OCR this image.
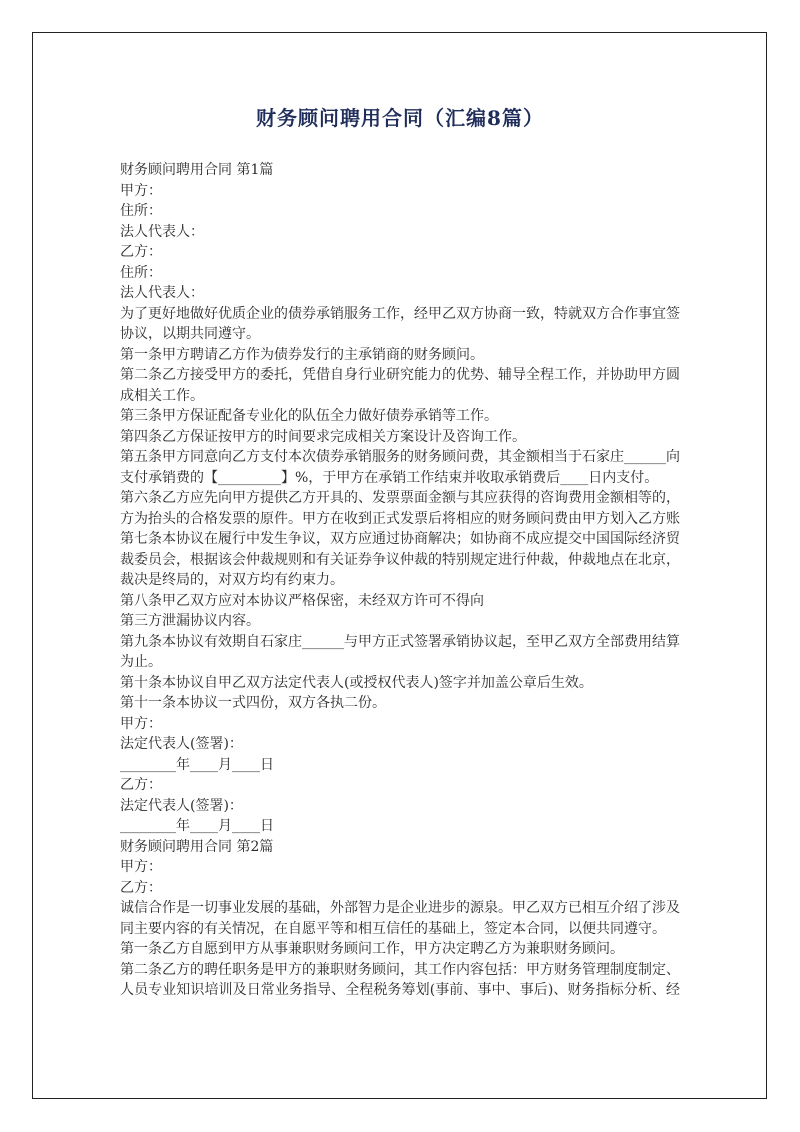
财务顾问聘用合同（汇编8篇）
财务顾问聘用合同 第1篇
甲方：
住所：
法人代表人：
乙方：
住所：
法人代表人：
为了更好地做好优质企业的债券承销服务工作，经甲乙双方协商一致，特就双方合作事宜签
协议，以期共同遵守。
第一条甲方聘请乙方作为债券发行的主承销商的财务顾问。
第二条乙方接受甲方的委托，凭借自身行业研究能力的优势、辅导全程工作，并协助甲方圆
成相关工作。
第三条甲方保证配备专业化的队伍全力做好债券承销等工作。
第四条乙方保证按甲方的时间要求完成相关方案设计及咨询工作。
第五条甲方同意向乙方支付本次债券承销服务的财务顾问费，其金额相当于石家庄______向
支付承销费的【_________】%，于甲方在承销工作结束并收取承销费后____日内支付。
第六条乙方应先向甲方提供乙方开具的、发票票面金额与其应获得的咨询费用金额相等的，
方为抬头的合格发票的原件。甲方在收到正式发票后将相应的财务顾问费由甲方划入乙方账
第七条本协议在履行中发生争议，双方应通过协商解决；如协商不成应提交中国国际经济贸
裁委员会，根据该会仲裁规则和有关证券争议仲裁的特别规定进行仲裁，仲裁地点在北京，
裁决是终局的，对双方均有约束力。
第八条甲乙双方应对本协议严格保密，未经双方许可不得向
第三方泄漏协议内容。
第九条本协议有效期自石家庄______与甲方正式签署承销协议起，至甲乙双方全部费用结算
为止。
第十条本协议自甲乙双方法定代表人(或授权代表人)签字并加盖公章后生效。
第十一条本协议一式四份，双方各执二份。
甲方：
法定代表人(签署)：
________年____月____日
乙方：
法定代表人(签署)：
________年____月____日
财务顾问聘用合同 第2篇
甲方：
乙方：
诚信合作是一切事业发展的基础，外部智力是企业进步的源泉。甲乙双方已相互介绍了涉及
同主要内容的有关情况，在自愿平等和相互信任的基础上，签定本合同，以便共同遵守。
第一条乙方自愿到甲方从事兼职财务顾问工作，甲方决定聘乙方为兼职财务顾问。
第二条乙方的聘任职务是甲方的兼职财务顾问，其工作内容包括：甲方财务管理制度制定、
人员专业知识培训及日常业务指导、全程税务筹划(事前、事中、事后)、财务指标分析、经
